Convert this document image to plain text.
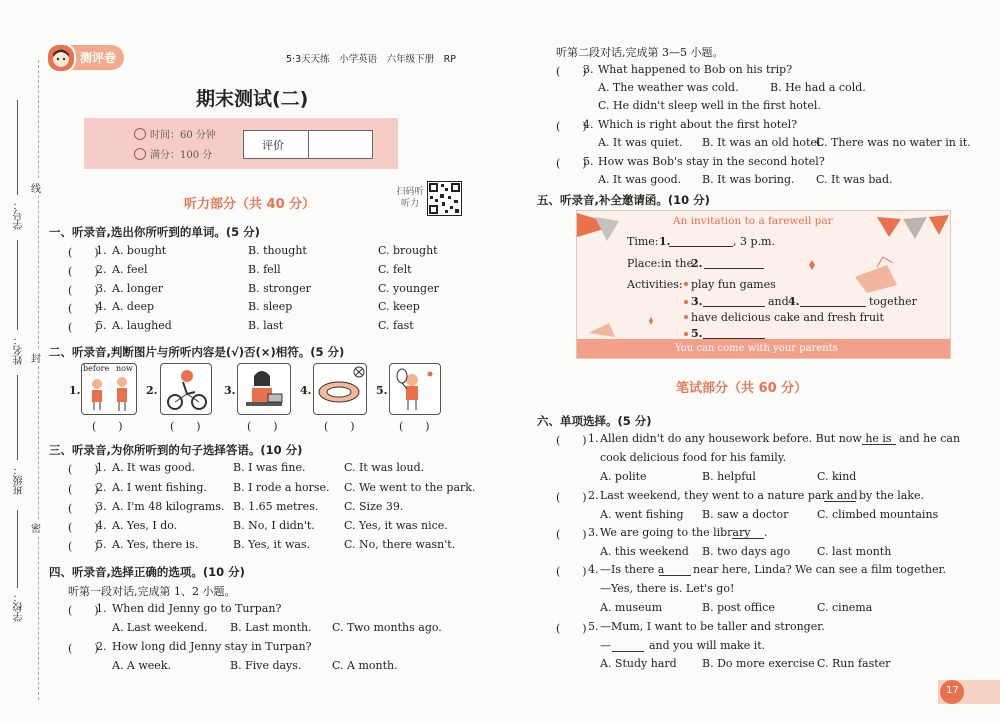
学号：
姓名：
班级：
学校：
线
封
密
测评卷	5·3天天练　小学英语　六年级下册　RP
期末测试(二)
时间：60 分钟
满分：100 分
评价
听力部分（共 40 分）
扫码听听力
一、听录音,选出你所听到的单词。(5 分)
(　　)
1. A. bought	B. thought	C. brought
(　　)
2. A. feel	B. fell	C. felt
(　　)
3. A. longer	B. stronger	C. younger
(　　)
4. A. deep	B. sleep	C. keep
(　　)
5. A. laughed	B. last	C. fast
二、听录音,判断图片与所听内容是(√)否(×)相符。(5 分)
1.
before now
2.	3.	4.	5.
(　　)	(　　)	(　　)	(　　)	(　　)
三、听录音,为你所听到的句子选择答语。(10 分)
(　　)
1. A. It was good.	B. I was fine.	C. It was loud.
(　　)
2. A. I went fishing. B. I rode a horse. C. We went to the park.
(　　)
3. A. I'm 48 kilograms. B. 1.65 metres. C. Size 39.
(　　)
4. A. Yes, I do.	B. No, I didn't.	C. Yes, it was nice.
(　　)
5. A. Yes, there is.	B. Yes, it was.	C. No, there wasn't.
四、听录音,选择正确的选项。(10 分)
听第一段对话,完成第 1、2 小题。
(　　)
1. When did Jenny go to Turpan?
A. Last weekend. B. Last month. C. Two months ago.
(　　)
2. How long did Jenny stay in Turpan?
A. A week.	B. Five days.	C. A month.
听第二段对话,完成第 3—5 小题。
(　　)
3. What happened to Bob on his trip?
A. The weather was cold.	B. He had a cold.
C. He didn't sleep well in the first hotel.
(　　)
4. Which is right about the first hotel?
A. It was quiet. B. It was an old hotel.
C. There was no water in it.
(　　)
5. How was Bob's stay in the second hotel?
A. It was good. B. It was boring. C. It was bad.
五、听录音,补全邀请函。(10 分)
An invitation to a farewell par
Time: 1.	, 3 p.m.
Place: in the
2.
Activities: play fun games
3.	and 4.	together
have delicious cake and fresh fruit
5.
You can come with your parents
笔试部分（共 60 分）
六、单项选择。(5 分)
(　　) 1. Allen didn't do any housework before. But now he is and he can
cook delicious food for his family.
A. polite	B. helpful	C. kind
(　　) 2. Last weekend, they went to a nature park and by the lake.
A. went fishing B. saw a doctor	C. climbed mountains
(　　) 3. We are going to the library .
A. this weekend B. two days ago C. last month
(　　) 4. —Is there a	near here, Linda? We can see a film together.
—Yes, there is. Let's go!
A. museum	B. post office	C. cinema
(　　) 5. —Mum, I want to be taller and stronger.
—	and you will make it.
A. Study hard B. Do more exercise C. Run faster
17
